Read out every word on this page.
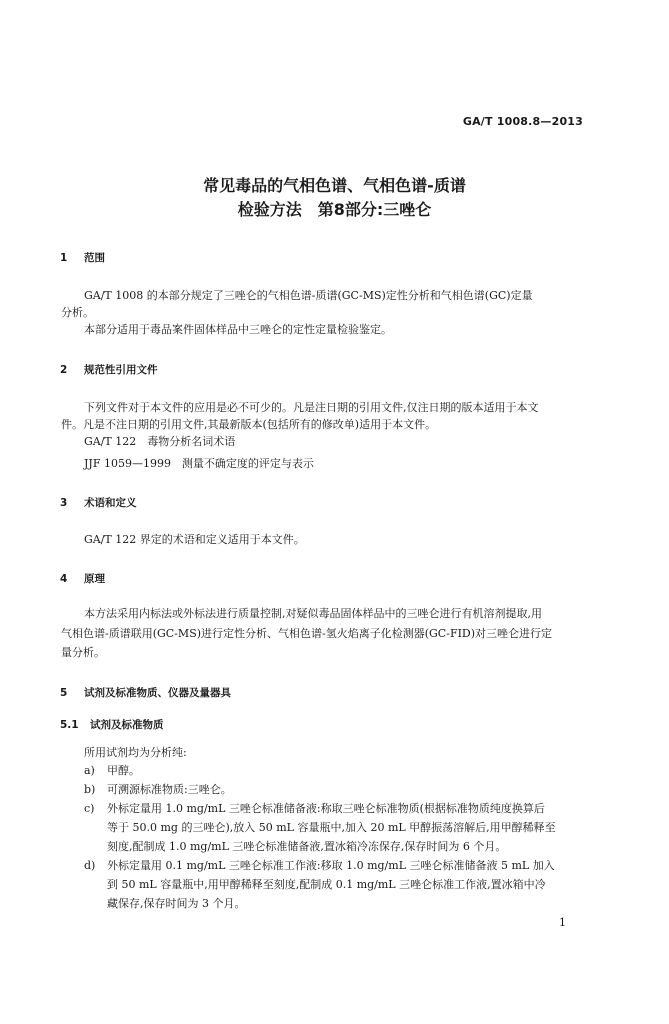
GA/T 1008.8—2013
常见毒品的气相色谱、气相色谱-质谱
检验方法　第8部分:三唑仑
1 范围
GA/T 1008 的本部分规定了三唑仑的气相色谱-质谱(GC-MS)定性分析和气相色谱(GC)定量
分析。
本部分适用于毒品案件固体样品中三唑仑的定性定量检验鉴定。
2 规范性引用文件
下列文件对于本文件的应用是必不可少的。凡是注日期的引用文件,仅注日期的版本适用于本文
件。凡是不注日期的引用文件,其最新版本(包括所有的修改单)适用于本文件。
GA/T 122　毒物分析名词术语
JJF 1059—1999　测量不确定度的评定与表示
3 术语和定义
GA/T 122 界定的术语和定义适用于本文件。
4 原理
本方法采用内标法或外标法进行质量控制,对疑似毒品固体样品中的三唑仑进行有机溶剂提取,用
气相色谱-质谱联用(GC-MS)进行定性分析、气相色谱-氢火焰离子化检测器(GC-FID)对三唑仑进行定
量分析。
5 试剂及标准物质、仪器及量器具
5.1 试剂及标准物质
所用试剂均为分析纯:
a) 甲醇。
b) 可溯源标准物质:三唑仑。
c) 外标定量用 1.0 mg/mL 三唑仑标准储备液:称取三唑仑标准物质(根据标准物质纯度换算后
等于 50.0 mg 的三唑仑),放入 50 mL 容量瓶中,加入 20 mL 甲醇振荡溶解后,用甲醇稀释至
刻度,配制成 1.0 mg/mL 三唑仑标准储备液,置冰箱冷冻保存,保存时间为 6 个月。
d) 外标定量用 0.1 mg/mL 三唑仑标准工作液:移取 1.0 mg/mL 三唑仑标准储备液 5 mL 加入
到 50 mL 容量瓶中,用甲醇稀释至刻度,配制成 0.1 mg/mL 三唑仑标准工作液,置冰箱中冷
藏保存,保存时间为 3 个月。
1
